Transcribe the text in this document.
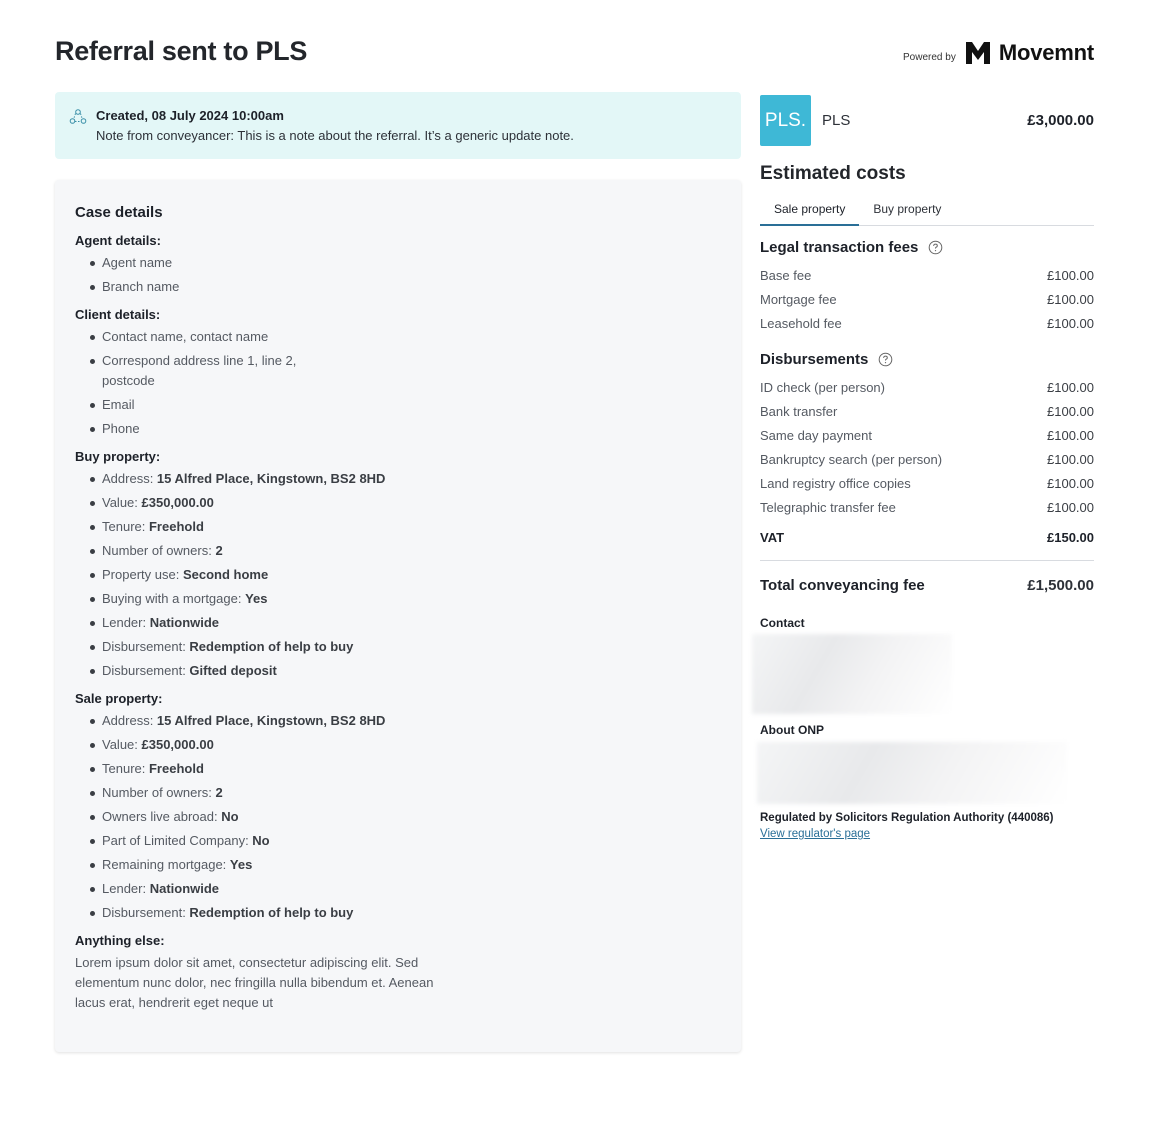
Referral sent to PLS	Powered by Movemnt
Created, 08 July 2024 10:00am
Note from conveyancer: This is a note about the referral. It’s a generic update note.
Case details
Agent details:
Agent name
Branch name
Client details:
Contact name, contact name
Correspond address line 1, line 2, postcode
Email
Phone
Buy property:
Address: 15 Alfred Place, Kingstown, BS2 8HD
Value: £350,000.00
Tenure: Freehold
Number of owners: 2
Property use: Second home
Buying with a mortgage: Yes
Lender: Nationwide
Disbursement: Redemption of help to buy
Disbursement: Gifted deposit
Sale property:
Address: 15 Alfred Place, Kingstown, BS2 8HD
Value: £350,000.00
Tenure: Freehold
Number of owners: 2
Owners live abroad: No
Part of Limited Company: No
Remaining mortgage: Yes
Lender: Nationwide
Disbursement: Redemption of help to buy
Anything else:
Lorem ipsum dolor sit amet, consectetur adipiscing elit. Sed elementum nunc dolor, nec fringilla nulla bibendum et. Aenean lacus erat, hendrerit eget neque ut
PLS.	PLS	£3,000.00
Estimated costs
Sale property	Buy property
Legal transaction fees
Base fee	£100.00
Mortgage fee	£100.00
Leasehold fee	£100.00
Disbursements
ID check (per person)	£100.00
Bank transfer	£100.00
Same day payment	£100.00
Bankruptcy search (per person)	£100.00
Land registry office copies	£100.00
Telegraphic transfer fee	£100.00
VAT	£150.00
Total conveyancing fee	£1,500.00
Contact
About ONP
Regulated by Solicitors Regulation Authority (440086)
View regulator's page
